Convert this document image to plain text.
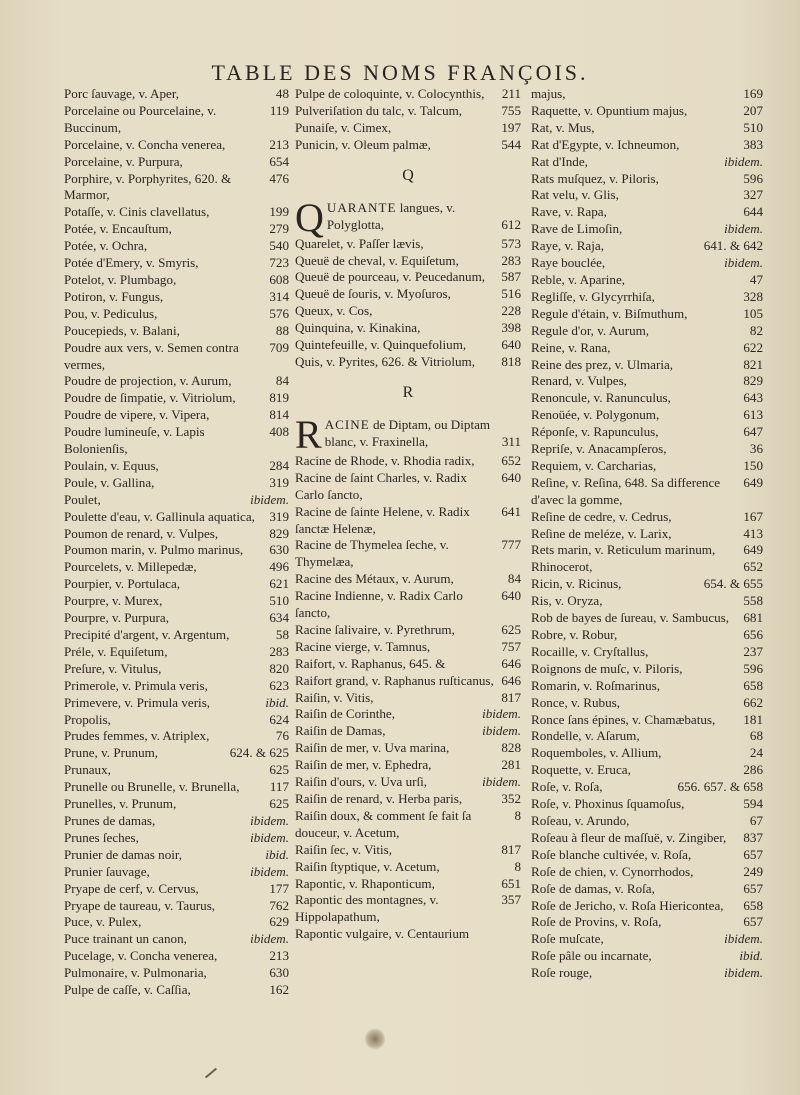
TABLE DES NOMS FRANÇOIS.
48
Porc ſauvage, v. Aper,
119
Porcelaine ou Pourcelaine, v. Buccinum,
213
Porcelaine, v. Concha venerea,
654
Porcelaine, v. Purpura,
476
Porphire, v. Porphyrites, 620. & Marmor,
199
Potaſſe, v. Cinis clavellatus,
279
Potée, v. Encauſtum,
540
Potée, v. Ochra,
723
Potée d'Emery, v. Smyris,
608
Potelot, v. Plumbago,
314
Potiron, v. Fungus,
576
Pou, v. Pediculus,
88
Poucepieds, v. Balani,
709
Poudre aux vers, v. Semen contra vermes,
84
Poudre de projection, v. Aurum,
819
Poudre de ſimpatie, v. Vitriolum,
814
Poudre de vipere, v. Vipera,
408
Poudre lumineuſe, v. Lapis Bolonienſis,
284
Poulain, v. Equus,
319
Poule, v. Gallina,
ibidem.
Poulet,
319
Poulette d'eau, v. Gallinula aquatica,
829
Poumon de renard, v. Vulpes,
630
Poumon marin, v. Pulmo marinus,
496
Pourcelets, v. Millepedæ,
621
Pourpier, v. Portulaca,
510
Pourpre, v. Murex,
634
Pourpre, v. Purpura,
58
Precipité d'argent, v. Argentum,
283
Préle, v. Equiſetum,
820
Preſure, v. Vitulus,
623
Primerole, v. Primula veris,
ibid.
Primevere, v. Primula veris,
624
Propolis,
76
Prudes femmes, v. Atriplex,
624. & 625
Prune, v. Prunum,
625
Prunaux,
117
Prunelle ou Brunelle, v. Brunella,
625
Prunelles, v. Prunum,
ibidem.
Prunes de damas,
ibidem.
Prunes ſeches,
ibid.
Prunier de damas noir,
ibidem.
Prunier ſauvage,
177
Pryape de cerf, v. Cervus,
762
Pryape de taureau, v. Taurus,
629
Puce, v. Pulex,
ibidem.
Puce trainant un canon,
213
Pucelage, v. Concha venerea,
630
Pulmonaire, v. Pulmonaria,
162
Pulpe de caſſe, v. Caſſia,
211
Pulpe de coloquinte, v. Colocynthis,
755
Pulveriſation du talc, v. Talcum,
197
Punaiſe, v. Cimex,
544
Punicin, v. Oleum palmæ,
Q
Q	612
UARANTE langues, v. Polyglotta,
573
Quarelet, v. Paſſer lævis,
283
Queuë de cheval, v. Equiſetum,
587
Queuë de pourceau, v. Peucedanum,
516
Queuë de ſouris, v. Myoſuros,
228
Queux, v. Cos,
398
Quinquina, v. Kinakina,
640
Quintefeuille, v. Quinquefolium,
818
Quis, v. Pyrites, 626. & Vitriolum,
R
R	311
ACINE de Diptam, ou Diptam blanc, v. Fraxinella,
652
Racine de Rhode, v. Rhodia radix,
640
Racine de ſaint Charles, v. Radix Carlo ſancto,
641
Racine de ſainte Helene, v. Radix ſanctæ Helenæ,
777
Racine de Thymelea ſeche, v. Thymelæa,
84
Racine des Métaux, v. Aurum,
640
Racine Indienne, v. Radix Carlo ſancto,
625
Racine ſalivaire, v. Pyrethrum,
757
Racine vierge, v. Tamnus,
646
Raifort, v. Raphanus, 645. &
646
Raifort grand, v. Raphanus ruſticanus,
817
Raiſin, v. Vitis,
ibidem.
Raiſin de Corinthe,
ibidem.
Raiſin de Damas,
828
Raiſin de mer, v. Uva marina,
281
Raiſin de mer, v. Ephedra,
ibidem.
Raiſin d'ours, v. Uva urſi,
352
Raiſin de renard, v. Herba paris,
8
Raiſin doux, & comment ſe fait ſa douceur, v. Acetum,
817
Raiſin ſec, v. Vitis,
8
Raiſin ſtyptique, v. Acetum,
651
Rapontic, v. Rhaponticum,
357
Rapontic des montagnes, v. Hippolapathum,
Rapontic vulgaire, v. Centaurium
169
majus,
207
Raquette, v. Opuntium majus,
510
Rat, v. Mus,
383
Rat d'Egypte, v. Ichneumon,
ibidem.
Rat d'Inde,
596
Rats muſquez, v. Piloris,
327
Rat velu, v. Glis,
644
Rave, v. Rapa,
ibidem.
Rave de Limoſin,
641. & 642
Raye, v. Raja,
ibidem.
Raye bouclée,
47
Reble, v. Aparine,
328
Regliſſe, v. Glycyrrhiſa,
105
Regule d'étain, v. Biſmuthum,
82
Regule d'or, v. Aurum,
622
Reine, v. Rana,
821
Reine des prez, v. Ulmaria,
829
Renard, v. Vulpes,
643
Renoncule, v. Ranunculus,
613
Renoüée, v. Polygonum,
647
Réponſe, v. Rapunculus,
36
Repriſe, v. Anacampſeros,
150
Requiem, v. Carcharias,
649
Reſine, v. Reſina, 648. Sa difference d'avec la gomme,
167
Reſine de cedre, v. Cedrus,
413
Reſine de meléze, v. Larix,
649
Rets marin, v. Reticulum marinum,
652
Rhinocerot,
654. & 655
Ricin, v. Ricinus,
558
Ris, v. Oryza,
681
Rob de bayes de ſureau, v. Sambucus,
656
Robre, v. Robur,
237
Rocaille, v. Cryſtallus,
596
Roignons de muſc, v. Piloris,
658
Romarin, v. Roſmarinus,
662
Ronce, v. Rubus,
181
Ronce ſans épines, v. Chamæbatus,
68
Rondelle, v. Aſarum,
24
Roquemboles, v. Allium,
286
Roquette, v. Eruca,
656. 657. & 658
Roſe, v. Roſa,
594
Roſe, v. Phoxinus ſquamoſus,
67
Roſeau, v. Arundo,
837
Roſeau à fleur de maſſuë, v. Zingiber,
657
Roſe blanche cultivée, v. Roſa,
249
Roſe de chien, v. Cynorrhodos,
657
Roſe de damas, v. Roſa,
658
Roſe de Jericho, v. Roſa Hiericontea,
657
Roſe de Provins, v. Roſa,
ibidem.
Roſe muſcate,
ibid.
Roſe pâle ou incarnate,
ibidem.
Roſe rouge,
